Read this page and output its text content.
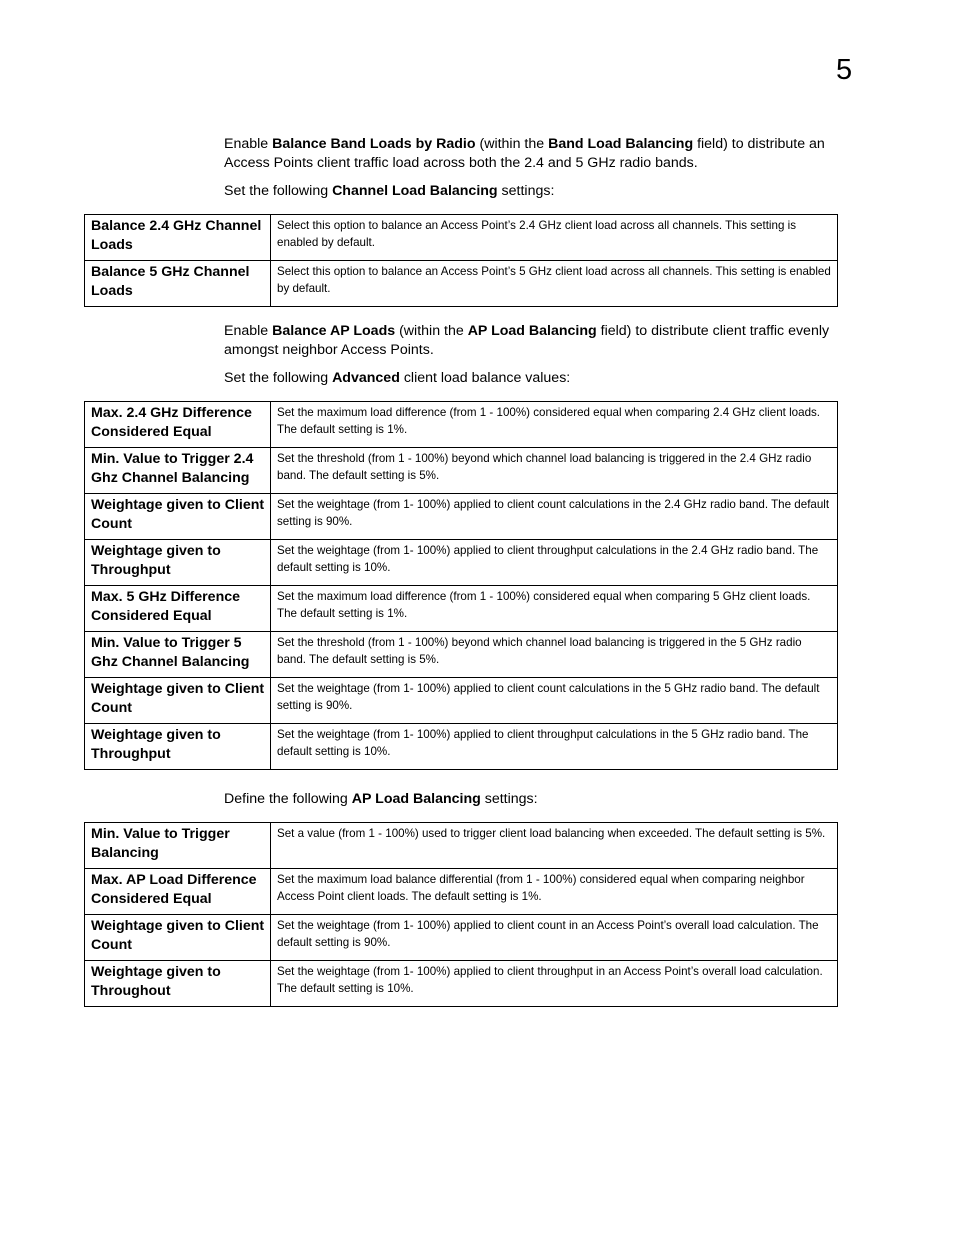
5

Enable Balance Band Loads by Radio (within the Band Load Balancing field) to distribute an Access Points client traffic load across both the 2.4 and 5 GHz radio bands.

Set the following Channel Load Balancing settings:

Balance 2.4 GHz Channel Loads	Select this option to balance an Access Point’s 2.4 GHz client load across all channels. This setting is enabled by default.
Balance 5 GHz Channel Loads	Select this option to balance an Access Point’s 5 GHz client load across all channels. This setting is enabled by default.

Enable Balance AP Loads (within the AP Load Balancing field) to distribute client traffic evenly amongst neighbor Access Points.

Set the following Advanced client load balance values:

Max. 2.4 GHz Difference Considered Equal	Set the maximum load difference (from 1 - 100%) considered equal when comparing 2.4 GHz client loads. The default setting is 1%.
Min. Value to Trigger 2.4 Ghz Channel Balancing	Set the threshold (from 1 - 100%) beyond which channel load balancing is triggered in the 2.4 GHz radio band. The default setting is 5%.
Weightage given to Client Count	Set the weightage (from 1- 100%) applied to client count calculations in the 2.4 GHz radio band. The default setting is 90%.
Weightage given to Throughput	Set the weightage (from 1- 100%) applied to client throughput calculations in the 2.4 GHz radio band. The default setting is 10%.
Max. 5 GHz Difference Considered Equal	Set the maximum load difference (from 1 - 100%) considered equal when comparing 5 GHz client loads. The default setting is 1%.
Min. Value to Trigger 5 Ghz Channel Balancing	Set the threshold (from 1 - 100%) beyond which channel load balancing is triggered in the 5 GHz radio band. The default setting is 5%.
Weightage given to Client Count	Set the weightage (from 1- 100%) applied to client count calculations in the 5 GHz radio band. The default setting is 90%.
Weightage given to Throughput	Set the weightage (from 1- 100%) applied to client throughput calculations in the 5 GHz radio band. The default setting is 10%.

Define the following AP Load Balancing settings:

Min. Value to Trigger Balancing	Set a value (from 1 - 100%) used to trigger client load balancing when exceeded. The default setting is 5%.
Max. AP Load Difference Considered Equal	Set the maximum load balance differential (from 1 - 100%) considered equal when comparing neighbor Access Point client loads. The default setting is 1%.
Weightage given to Client Count	Set the weightage (from 1- 100%) applied to client count in an Access Point’s overall load calculation. The default setting is 90%.
Weightage given to Throughout	Set the weightage (from 1- 100%) applied to client throughput in an Access Point’s overall load calculation. The default setting is 10%.
